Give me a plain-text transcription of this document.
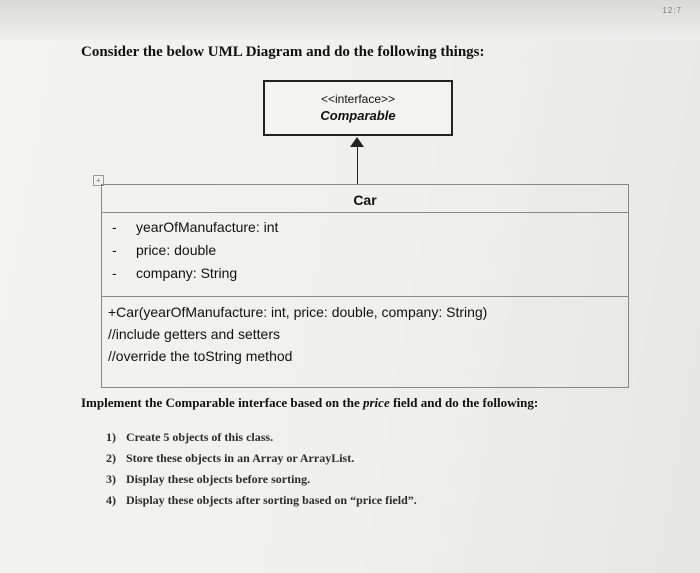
12:7
Consider the below UML Diagram and do the following things:
<<interface>>
Comparable
+
Car
- yearOfManufacture: int
- price: double
- company: String
+Car(yearOfManufacture: int, price: double, company: String)
//include getters and setters
//override the toString method
Implement the Comparable interface based on the price field and do the following:
1) Create 5 objects of this class.
2) Store these objects in an Array or ArrayList.
3) Display these objects before sorting.
4) Display these objects after sorting based on “price field”.
